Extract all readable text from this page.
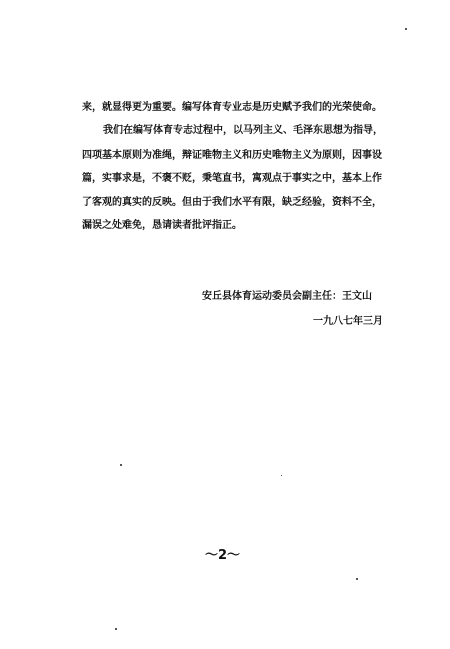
来，就显得更为重要。编写体育专业志是历史赋予我们的光荣使命。
我们在编写体育专志过程中，以马列主义、毛泽东思想为指导，
四项基本原则为准绳，辩证唯物主义和历史唯物主义为原则，因事设
篇，实事求是，不褒不贬，秉笔直书，寓观点于事实之中，基本上作
了客观的真实的反映。但由于我们水平有限，缺乏经验，资料不全，
漏误之处难免，恳请读者批评指正。
安丘县体育运动委员会副主任：王文山
一九八七年三月
～2～
